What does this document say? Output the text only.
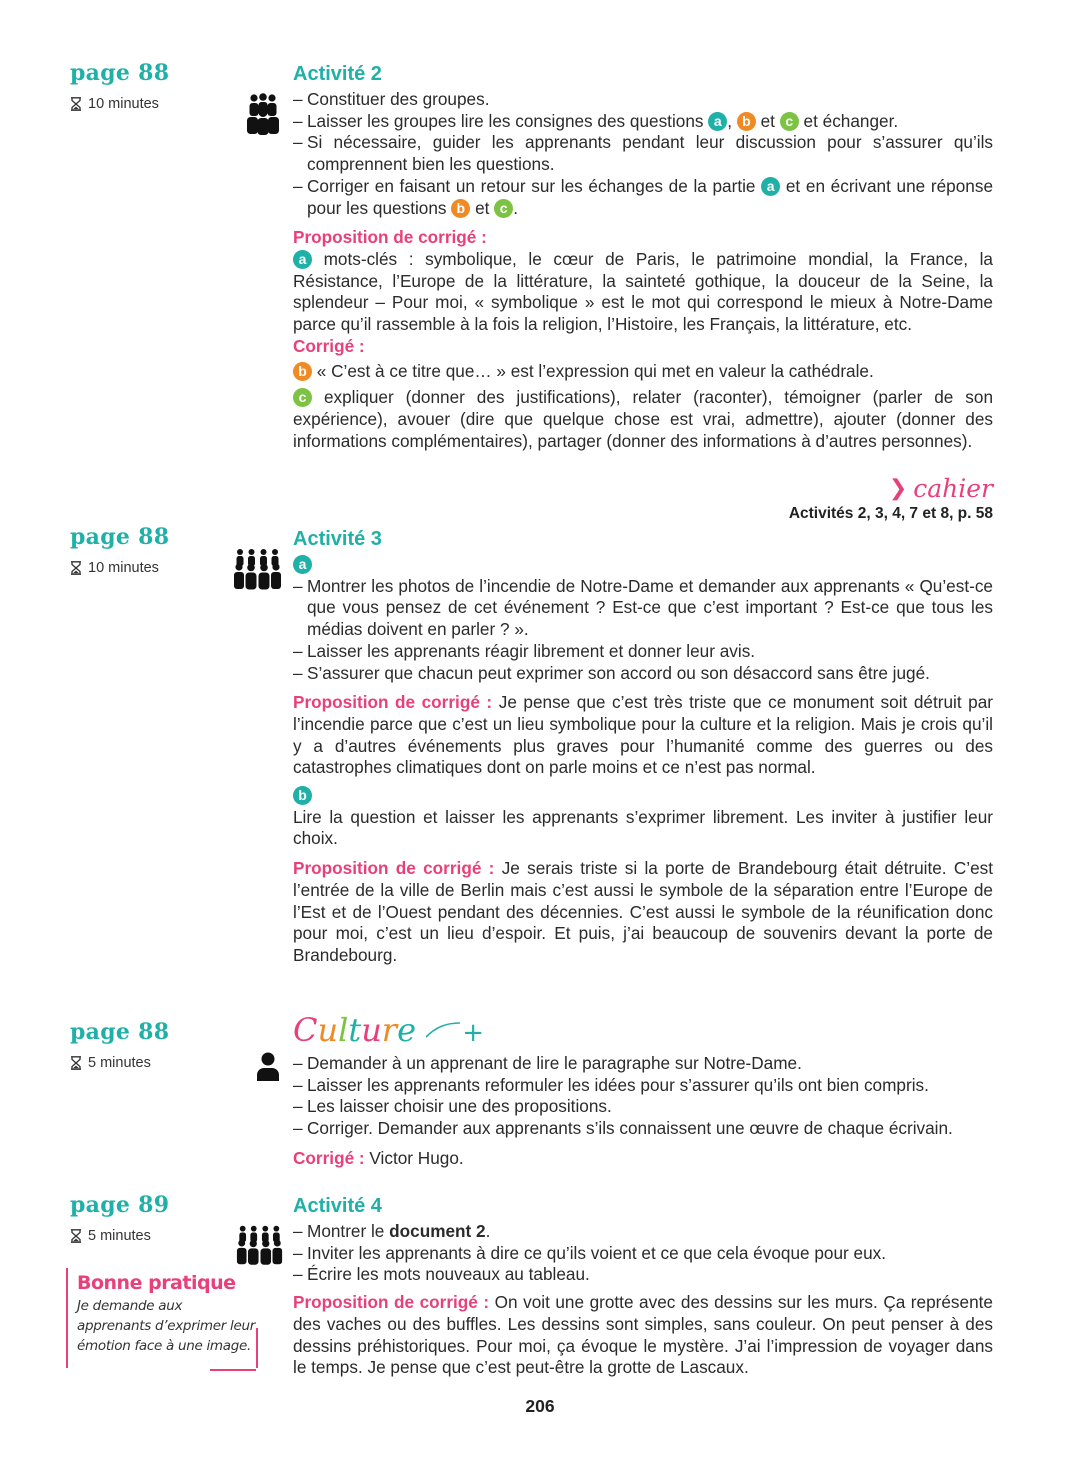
page 88

10 minutes
Activité 2
– Constituer des groupes.
– Laisser les groupes lire les consignes des questions a , b et c et échanger.
– Si nécessaire, guider les apprenants pendant leur discussion pour s’assurer qu’ils comprennent bien les questions.
– Corriger en faisant un retour sur les échanges de la partie a et en écrivant une réponse pour les questions b et c .

Proposition de corrigé :
a mots-clés : symbolique, le cœur de Paris, le patrimoine mondial, la France, la Résistance, l’Europe de la littérature, la sainteté gothique, la douceur de la Seine, la splendeur – Pour moi, « symbolique » est le mot qui correspond le mieux à Notre-Dame parce qu’il rassemble à la fois la religion, l’Histoire, les Français, la littérature, etc.

Corrigé :

b « C’est à ce titre que… » est l’expression qui met en valeur la cathédrale.

c expliquer (donner des justifications), relater (raconter), témoigner (parler de son expérience), avouer (dire que quelque chose est vrai, admettre), ajouter (donner des informations complémentaires), partager (donner des informations à d’autres personnes).

❯ cahier
Activités 2, 3, 4, 7 et 8, p. 58

page 88

10 minutes
Activité 3
a
– Montrer les photos de l’incendie de Notre-Dame et demander aux apprenants « Qu’est-ce que vous pensez de cet événement ? Est-ce que c’est important ? Est-ce que tous les médias doivent en parler ? ».
– Laisser les apprenants réagir librement et donner leur avis.
– S’assurer que chacun peut exprimer son accord ou son désaccord sans être jugé.

Proposition de corrigé : Je pense que c’est très triste que ce monument soit détruit par l’incendie parce que c’est un lieu symbolique pour la culture et la religion. Mais je crois qu’il y a d’autres événements plus graves pour l’humanité comme des guerres ou des catastrophes climatiques dont on parle moins et ce n’est pas normal.

b

Lire la question et laisser les apprenants s’exprimer librement. Les inviter à justifier leur choix.

Proposition de corrigé : Je serais triste si la porte de Brandebourg était détruite. C’est l’entrée de la ville de Berlin mais c’est aussi le symbole de la séparation entre l’Europe de l’Est et de l’Ouest pendant des décennies. C’est aussi le symbole de la réunification donc pour moi, c’est un lieu d’espoir. Et puis, j’ai beaucoup de souvenirs devant la porte de Brandebourg.

page 88

5 minutes
Culture +
– Demander à un apprenant de lire le paragraphe sur Notre-Dame.
– Laisser les apprenants reformuler les idées pour s’assurer qu’ils ont bien compris.
– Les laisser choisir une des propositions.
– Corriger. Demander aux apprenants s’ils connaissent une œuvre de chaque écrivain.

Corrigé : Victor Hugo.

page 89

5 minutes
Bonne pratique
Je demande aux apprenants d’exprimer leur émotion face à une image.
Activité 4
– Montrer le document 2.
– Inviter les apprenants à dire ce qu’ils voient et ce que cela évoque pour eux.
– Écrire les mots nouveaux au tableau.

Proposition de corrigé : On voit une grotte avec des dessins sur les murs. Ça représente des vaches ou des buffles. Les dessins sont simples, sans couleur. On peut penser à des dessins préhistoriques. Pour moi, ça évoque le mystère. J’ai l’impression de voyager dans le temps. Je pense que c’est peut-être la grotte de Lascaux.

206
